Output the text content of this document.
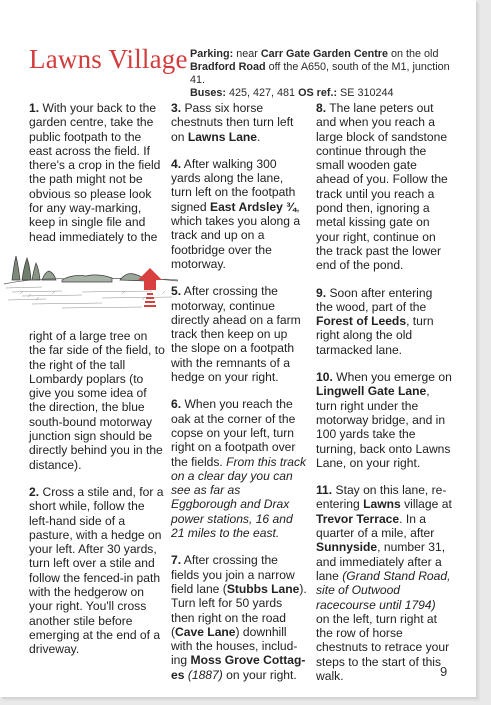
Lawns Village Parking: near Carr Gate Garden Centre on the old Bradford Road off the A650, south of the M1, junction 41.
Buses: 425, 427, 481 OS ref.: SE 310244

1. With your back to the garden centre, take the public footpath to the east across the field. If there's a crop in the field the path might not be obvious so please look for any way-marking, keep in single file and head immediately to the

right of a large tree on the far side of the field, to the right of the tall Lombardy poplars (to give you some idea of the direction, the blue south-bound motorway junction sign should be directly behind you in the distance).

2. Cross a stile and, for a short while, follow the left-hand side of a pasture, with a hedge on your left. After 30 yards, turn left over a stile and follow the fenced-in path with the hedgerow on your right. You'll cross another stile before emerging at the end of a driveway.

3. Pass six horse chestnuts then turn left on Lawns Lane.

4. After walking 300 yards along the lane, turn left on the footpath signed East Ardsley ¾, which takes you along a track and up on a footbridge over the motorway.

5. After crossing the motorway, continue directly ahead on a farm track then keep on up the slope on a footpath with the remnants of a hedge on your right.

6. When you reach the oak at the corner of the copse on your left, turn right on a footpath over the fields. From this track on a clear day you can see as far as Eggborough and Drax power stations, 16 and 21 miles to the east.

7. After crossing the fields you join a narrow field lane (Stubbs Lane). Turn left for 50 yards then right on the road (Cave Lane) downhill with the houses, includ-ing Moss Grove Cottag-es (1887) on your right.

8. The lane peters out and when you reach a large block of sandstone continue through the small wooden gate ahead of you. Follow the track until you reach a pond then, ignoring a metal kissing gate on your right, continue on the track past the lower end of the pond.

9. Soon after entering the wood, part of the Forest of Leeds, turn right along the old tarmacked lane.

10. When you emerge on Lingwell Gate Lane, turn right under the motorway bridge, and in 100 yards take the turning, back onto Lawns Lane, on your right.

11. Stay on this lane, re-entering Lawns village at Trevor Terrace. In a quarter of a mile, after Sunnyside, number 31, and immediately after a lane (Grand Stand Road, site of Outwood racecourse until 1794) on the left, turn right at the row of horse chestnuts to retrace your steps to the start of this walk.	9
